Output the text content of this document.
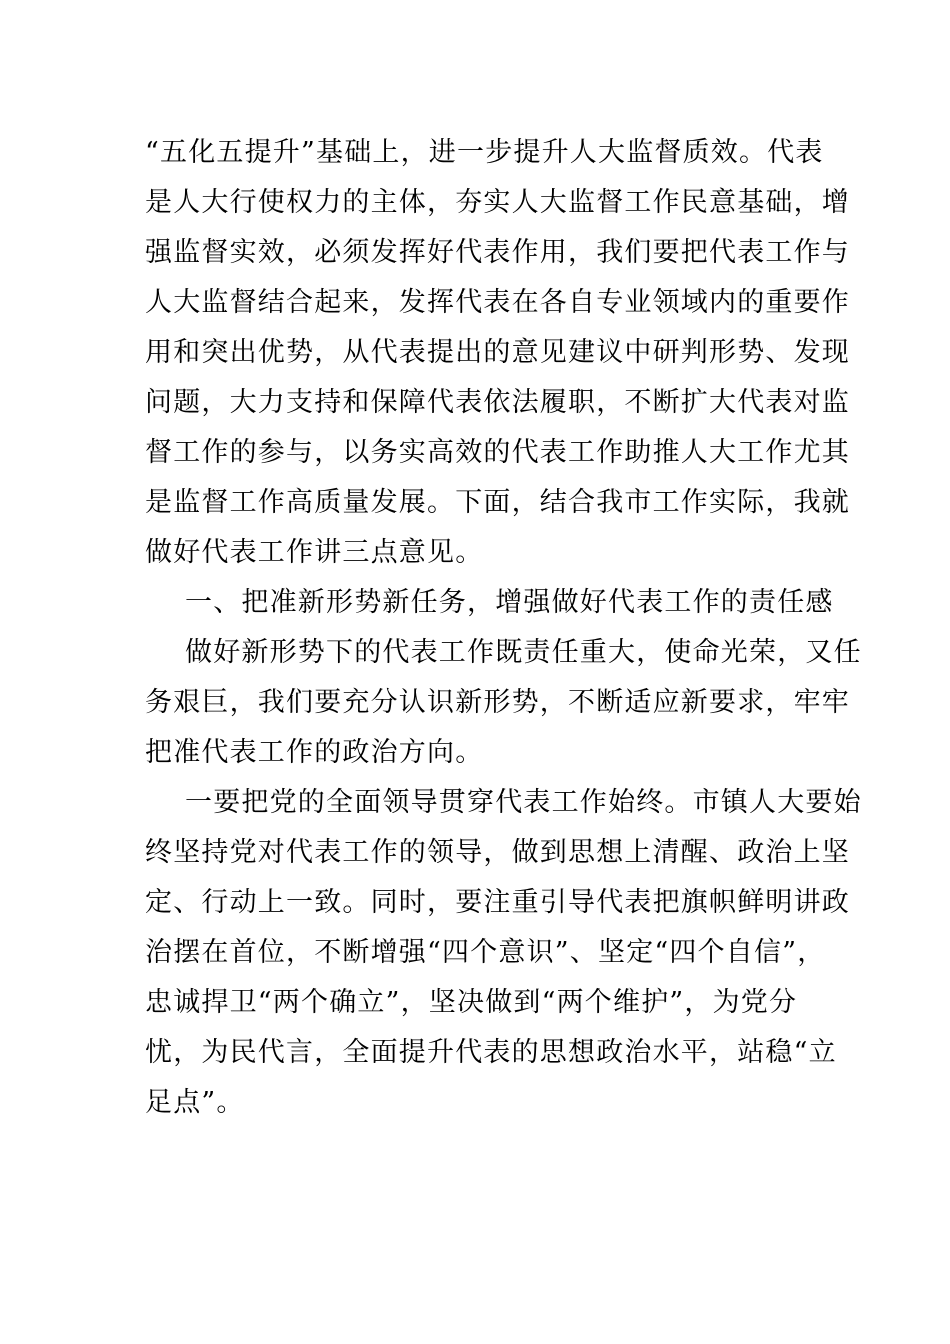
“五化五提升”基础上，进一步提升人大监督质效。代表
是人大行使权力的主体，夯实人大监督工作民意基础，增
强监督实效，必须发挥好代表作用，我们要把代表工作与
人大监督结合起来，发挥代表在各自专业领域内的重要作
用和突出优势，从代表提出的意见建议中研判形势、发现
问题，大力支持和保障代表依法履职，不断扩大代表对监
督工作的参与，以务实高效的代表工作助推人大工作尤其
是监督工作高质量发展。下面，结合我市工作实际，我就
做好代表工作讲三点意见。
一、把准新形势新任务，增强做好代表工作的责任感
做好新形势下的代表工作既责任重大，使命光荣，又任
务艰巨，我们要充分认识新形势，不断适应新要求，牢牢
把准代表工作的政治方向。
一要把党的全面领导贯穿代表工作始终。市镇人大要始
终坚持党对代表工作的领导，做到思想上清醒、政治上坚
定、行动上一致。同时，要注重引导代表把旗帜鲜明讲政
治摆在首位，不断增强“四个意识”、坚定“四个自信”，
忠诚捍卫“两个确立”，坚决做到“两个维护”，为党分
忧，为民代言，全面提升代表的思想政治水平，站稳“立
足点”。
